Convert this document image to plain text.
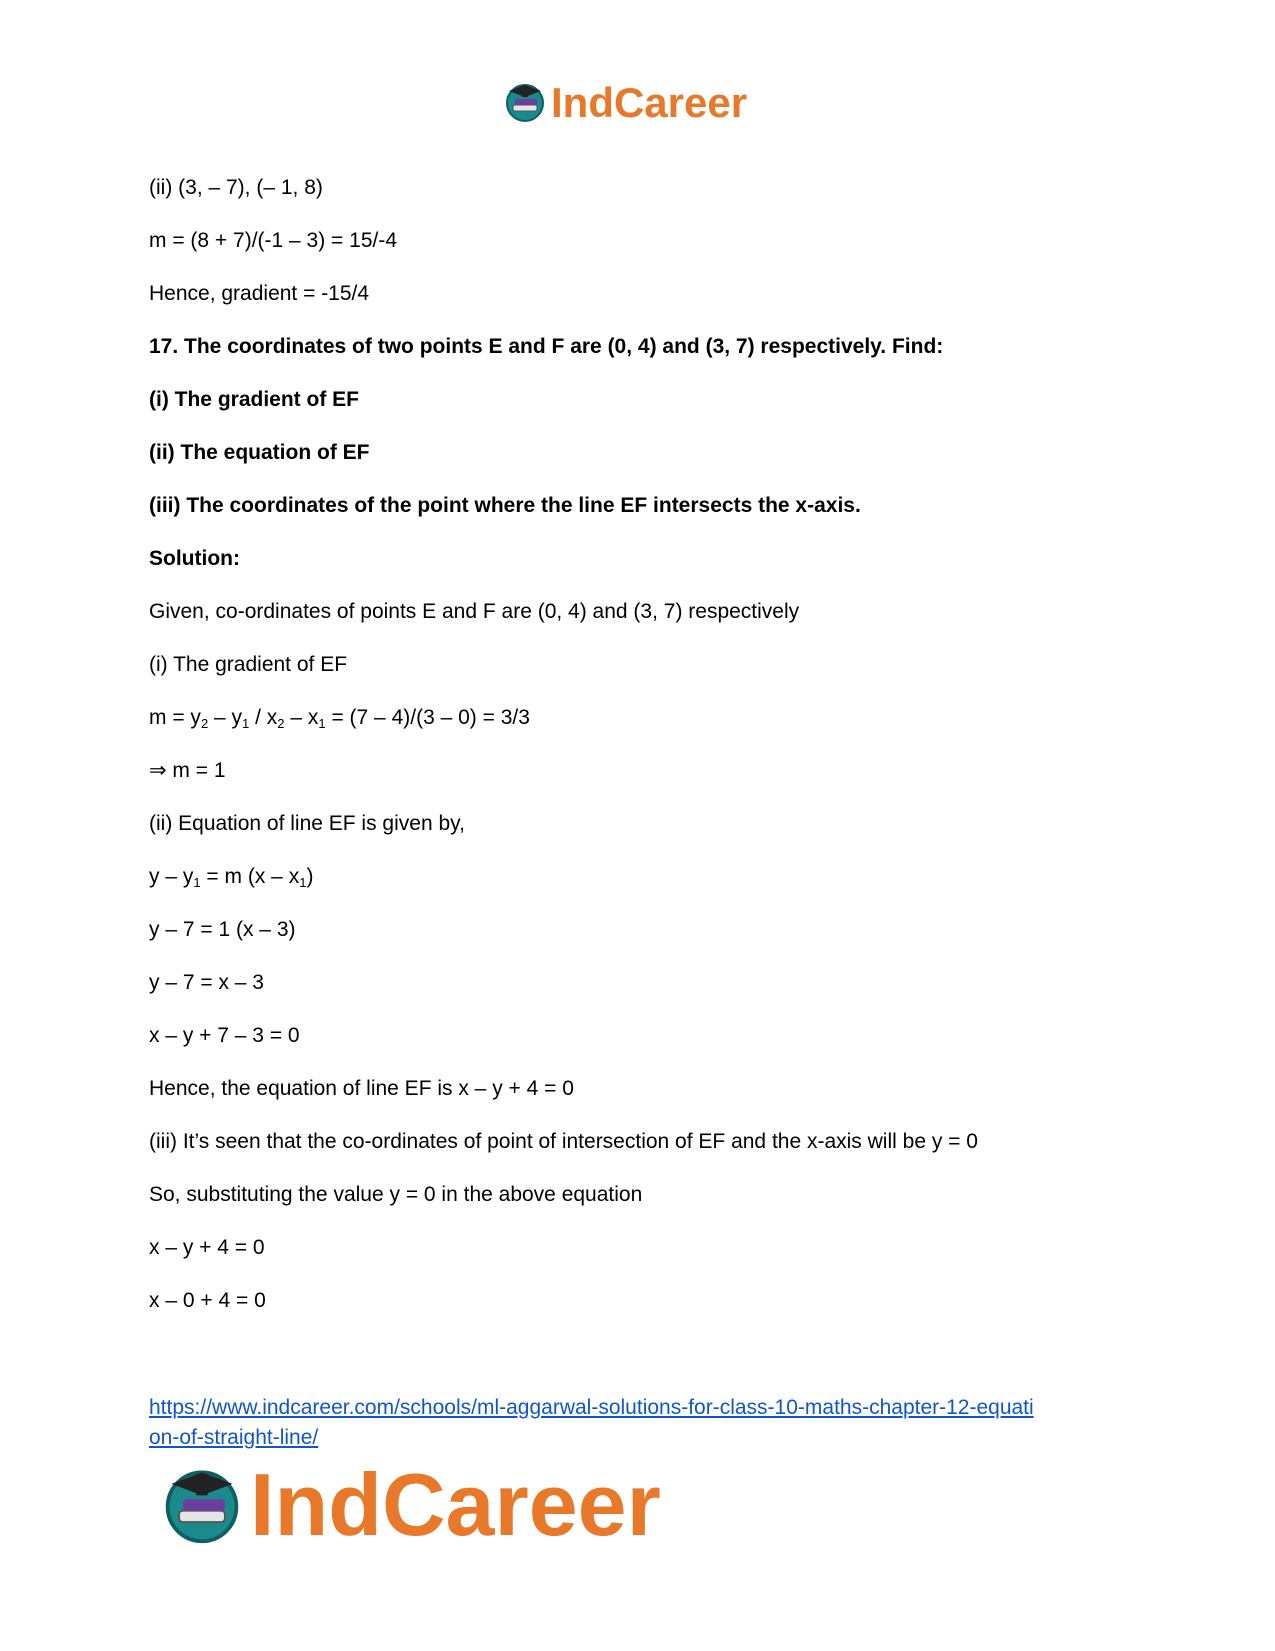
IndCareer
(ii) (3, – 7), (– 1, 8)
m = (8 + 7)/(-1 – 3) = 15/-4
Hence, gradient = -15/4
17. The coordinates of two points E and F are (0, 4) and (3, 7) respectively. Find:
(i) The gradient of EF
(ii) The equation of EF
(iii) The coordinates of the point where the line EF intersects the x-axis.
Solution:
Given, co-ordinates of points E and F are (0, 4) and (3, 7) respectively
(i) The gradient of EF
$m = y_2 - y_1 / x_2 - x_1 = (7 - 4)/(3 - 0) = 3/3$
⇒ m = 1
(ii) Equation of line EF is given by,
$y - y_1 = m$ $(x - x_1)$
y – 7 = 1 (x – 3)
y – 7 = x – 3
x – y + 7 – 3 = 0
Hence, the equation of line EF is x – y + 4 = 0
(iii) It’s seen that the co-ordinates of point of intersection of EF and the x-axis will be y = 0
So, substituting the value y = 0 in the above equation
x – y + 4 = 0
x – 0 + 4 = 0
https://www.indcareer.com/schools/ml-aggarwal-solutions-for-class-10-maths-chapter-12-equati
on-of-straight-line/
IndCareer
